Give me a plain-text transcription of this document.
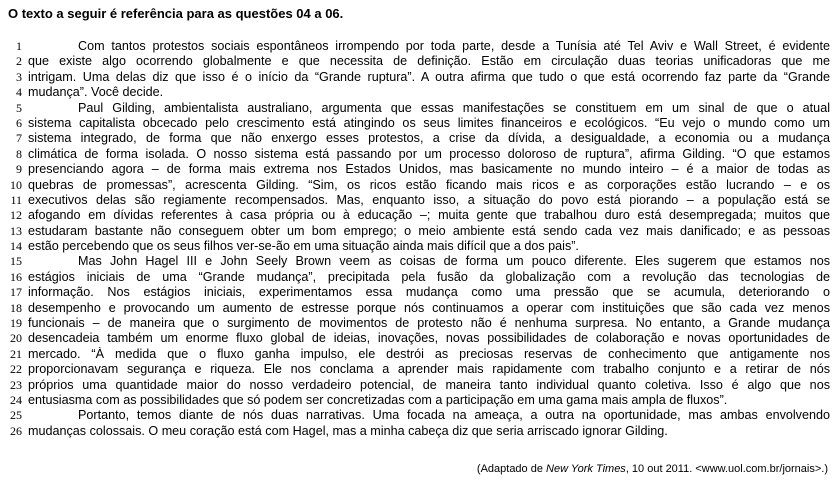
O texto a seguir é referência para as questões 04 a 06.
1	Com tantos protestos sociais espontâneos irrompendo por toda parte, desde a Tunísia até Tel Aviv e Wall Street, é evidente
2 que existe algo ocorrendo globalmente e que necessita de definição. Estão em circulação duas teorias unificadoras que me
3 intrigam. Uma delas diz que isso é o início da “Grande ruptura”. A outra afirma que tudo o que está ocorrendo faz parte da “Grande
4 mudança”. Você decide.
5	Paul Gilding, ambientalista australiano, argumenta que essas manifestações se constituem em um sinal de que o atual
6 sistema capitalista obcecado pelo crescimento está atingindo os seus limites financeiros e ecológicos. “Eu vejo o mundo como um
7 sistema integrado, de forma que não enxergo esses protestos, a crise da dívida, a desigualdade, a economia ou a mudança
8 climática de forma isolada. O nosso sistema está passando por um processo doloroso de ruptura”, afirma Gilding. “O que estamos
9 presenciando agora – de forma mais extrema nos Estados Unidos, mas basicamente no mundo inteiro – é a maior de todas as
10 quebras de promessas”, acrescenta Gilding. “Sim, os ricos estão ficando mais ricos e as corporações estão lucrando – e os
11 executivos delas são regiamente recompensados. Mas, enquanto isso, a situação do povo está piorando – a população está se
12 afogando em dívidas referentes à casa própria ou à educação –; muita gente que trabalhou duro está desempregada; muitos que
13 estudaram bastante não conseguem obter um bom emprego; o meio ambiente está sendo cada vez mais danificado; e as pessoas
14 estão percebendo que os seus filhos ver-se-ão em uma situação ainda mais difícil que a dos pais”.
15	Mas John Hagel III e John Seely Brown veem as coisas de forma um pouco diferente. Eles sugerem que estamos nos
16 estágios iniciais de uma “Grande mudança”, precipitada pela fusão da globalização com a revolução das tecnologias de
17 informação. Nos estágios iniciais, experimentamos essa mudança como uma pressão que se acumula, deteriorando o
18 desempenho e provocando um aumento de estresse porque nós continuamos a operar com instituições que são cada vez menos
19 funcionais – de maneira que o surgimento de movimentos de protesto não é nenhuma surpresa. No entanto, a Grande mudança
20 desencadeia também um enorme fluxo global de ideias, inovações, novas possibilidades de colaboração e novas oportunidades de
21 mercado. “À medida que o fluxo ganha impulso, ele destrói as preciosas reservas de conhecimento que antigamente nos
22 proporcionavam segurança e riqueza. Ele nos conclama a aprender mais rapidamente com trabalho conjunto e a retirar de nós
23 próprios uma quantidade maior do nosso verdadeiro potencial, de maneira tanto individual quanto coletiva. Isso é algo que nos
24 entusiasma com as possibilidades que só podem ser concretizadas com a participação em uma gama mais ampla de fluxos”.
25	Portanto, temos diante de nós duas narrativas. Uma focada na ameaça, a outra na oportunidade, mas ambas envolvendo
26 mudanças colossais. O meu coração está com Hagel, mas a minha cabeça diz que seria arriscado ignorar Gilding.
(Adaptado de New York Times, 10 out 2011. <www.uol.com.br/jornais>.)
